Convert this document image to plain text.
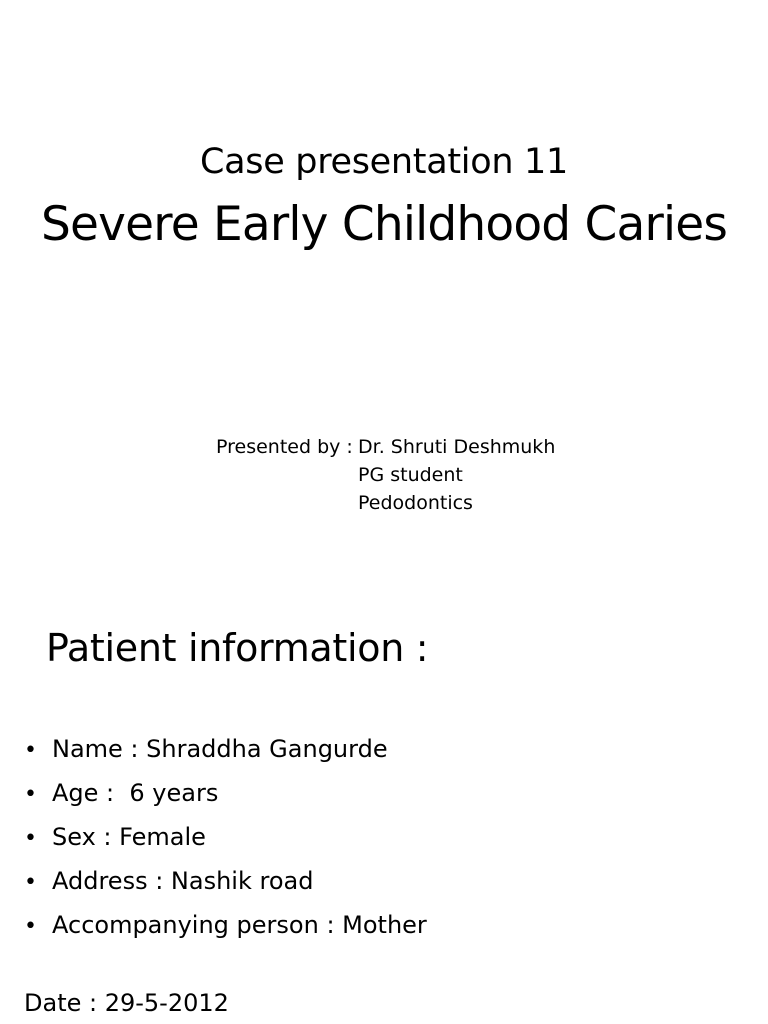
Case presentation 11
Severe Early Childhood Caries
Presented by : Dr. Shruti Deshmukh
PG student
Pedodontics
Patient information :
• Name : Shraddha Gangurde
• Age :  6 years
• Sex : Female
• Address : Nashik road
• Accompanying person : Mother
Date : 29-5-2012
